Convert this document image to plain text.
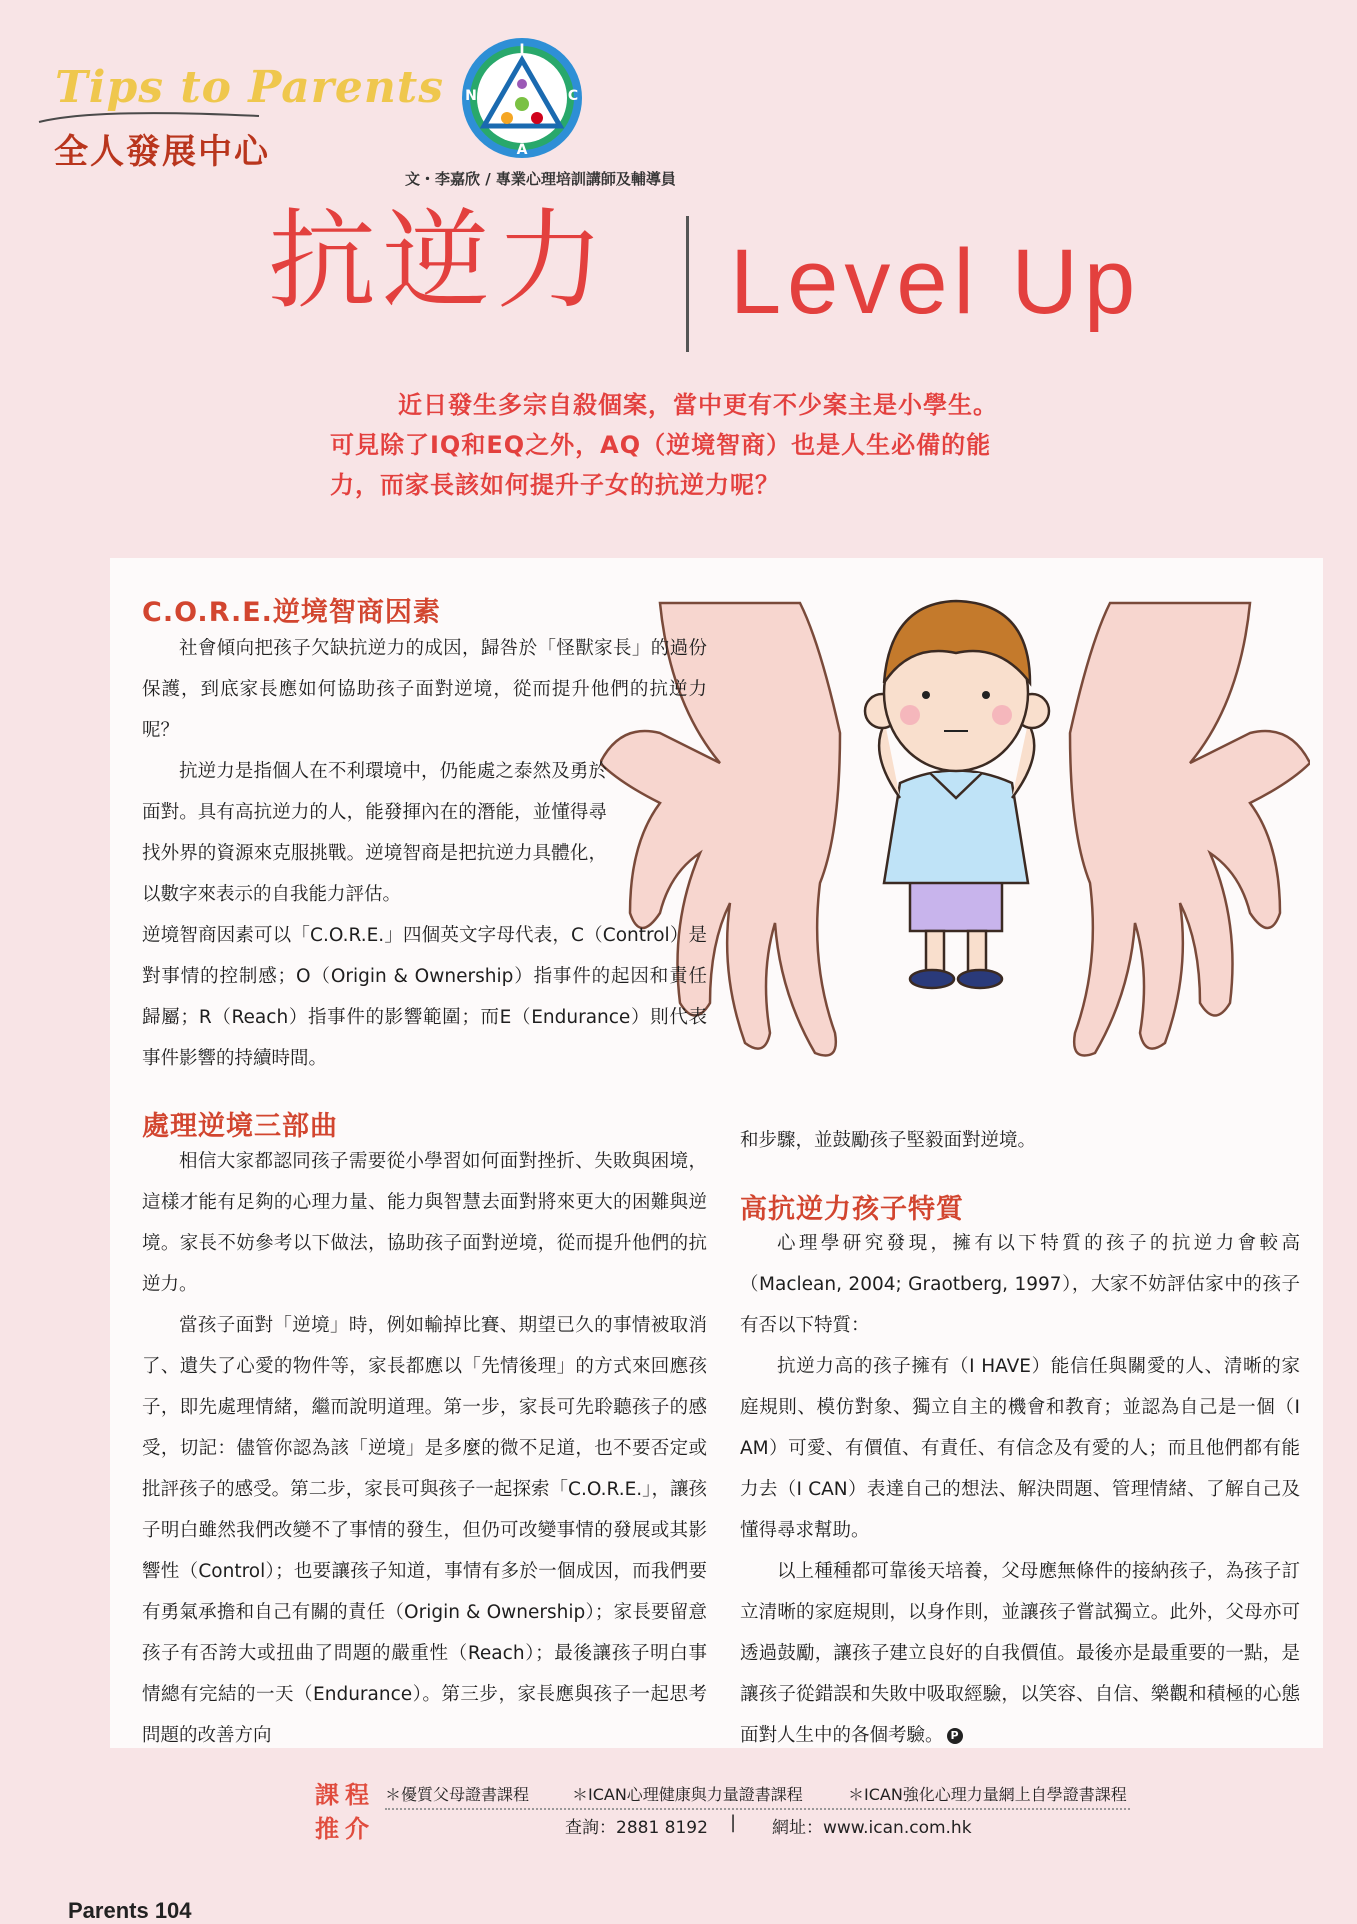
Tips to Parents
全人發展中心
I
C
A
N
文・李嘉欣 / 專業心理培訓講師及輔導員
抗逆力 Level Up

近日發生多宗自殺個案，當中更有不少案主是小學生。

可見除了IQ和EQ之外，AQ（逆境智商）也是人生必備的能

力，而家長該如何提升子女的抗逆力呢？

C.O.R.E.逆境智商因素

社會傾向把孩子欠缺抗逆力的成因，歸咎於「怪獸家長」的過份保護，到底家長應如何協助孩子面對逆境，從而提升他們的抗逆力呢？

抗逆力是指個人在不利環境中，仍能處之泰然及勇於面對。具有高抗逆力的人，能發揮內在的潛能，並懂得尋找外界的資源來克服挑戰。逆境智商是把抗逆力具體化，以數字來表示的自我能力評估。

逆境智商因素可以「C.O.R.E.」四個英文字母代表，C（Control）是對事情的控制感；O（Origin & Ownership）指事件的起因和責任歸屬；R（Reach）指事件的影響範圍；而E（Endurance）則代表事件影響的持續時間。

處理逆境三部曲

相信大家都認同孩子需要從小學習如何面對挫折、失敗與困境，這樣才能有足夠的心理力量、能力與智慧去面對將來更大的困難與逆境。家長不妨參考以下做法，協助孩子面對逆境，從而提升他們的抗逆力。

當孩子面對「逆境」時，例如輸掉比賽、期望已久的事情被取消了、遺失了心愛的物件等，家長都應以「先情後理」的方式來回應孩子，即先處理情緒，繼而說明道理。第一步，家長可先聆聽孩子的感受，切記：儘管你認為該「逆境」是多麼的微不足道，也不要否定或批評孩子的感受。第二步，家長可與孩子一起探索「C.O.R.E.」，讓孩子明白雖然我們改變不了事情的發生，但仍可改變事情的發展或其影響性（Control）；也要讓孩子知道，事情有多於一個成因，而我們要有勇氣承擔和自己有關的責任（Origin & Ownership）；家長要留意孩子有否誇大或扭曲了問題的嚴重性（Reach）；最後讓孩子明白事情總有完結的一天（Endurance）。第三步，家長應與孩子一起思考問題的改善方向

和步驟，並鼓勵孩子堅毅面對逆境。

高抗逆力孩子特質

心理學研究發現，擁有以下特質的孩子的抗逆力會較高（Maclean, 2004; Graotberg, 1997），大家不妨評估家中的孩子有否以下特質：

抗逆力高的孩子擁有（I HAVE）能信任與關愛的人、清晰的家庭規則、模仿對象、獨立自主的機會和教育；並認為自己是一個（I AM）可愛、有價值、有責任、有信念及有愛的人；而且他們都有能力去（I CAN）表達自己的想法、解決問題、管理情緒、了解自己及懂得尋求幫助。

以上種種都可靠後天培養，父母應無條件的接納孩子，為孩子訂立清晰的家庭規則，以身作則，並讓孩子嘗試獨立。此外，父母亦可透過鼓勵，讓孩子建立良好的自我價值。最後亦是最重要的一點，是讓孩子從錯誤和失敗中吸取經驗，以笑容、自信、樂觀和積極的心態面對人生中的各個考驗。 P

課程
推介
＊優質父母證書課程	＊ICAN心理健康與力量證書課程	＊ICAN強化心理力量網上自學證書課程
查詢：2881 8192 | 網址：www.ican.com.hk
Parents 104
